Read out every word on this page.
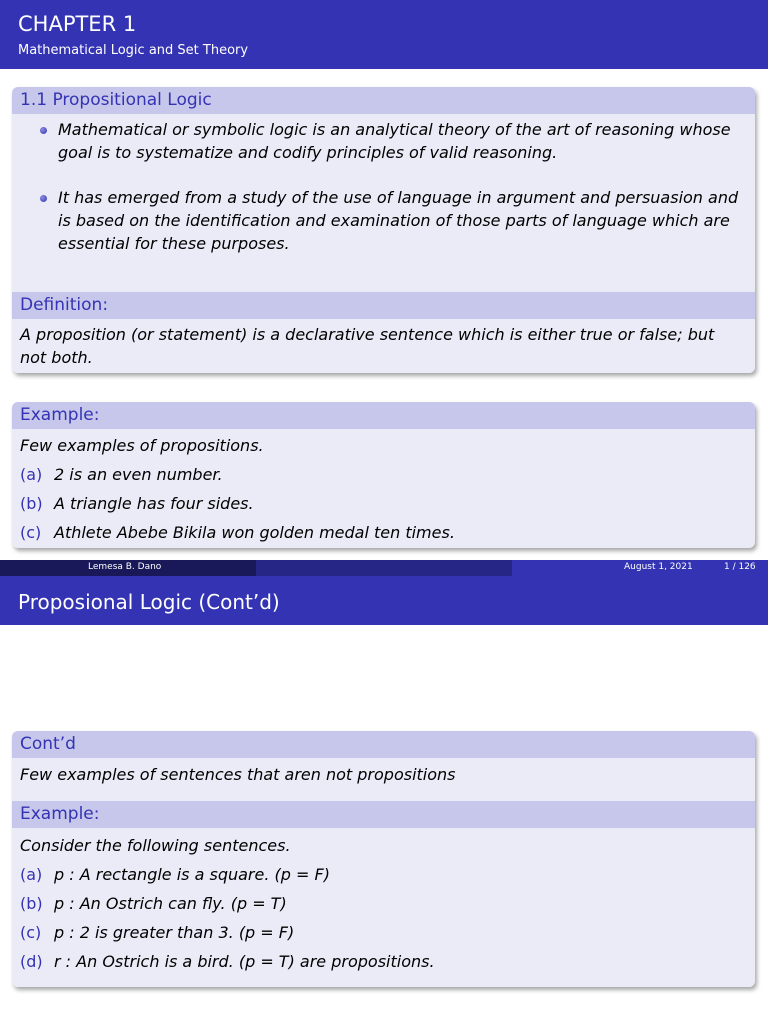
CHAPTER 1
Mathematical Logic and Set Theory
1.1 Propositional Logic
Mathematical or symbolic logic is an analytical theory of the art of reasoning whose goal is to systematize and codify principles of valid reasoning.
It has emerged from a study of the use of language in argument and persuasion and is based on the identification and examination of those parts of language which are essential for these purposes.
Definition:
A proposition (or statement) is a declarative sentence which is either true or false; but not both.
Example:
Few examples of propositions.
(a) 2 is an even number.
(b) A triangle has four sides.
(c) Athlete Abebe Bikila won golden medal ten times.
Lemesa B. Dano	August 1, 2021	1 / 126
Proposional Logic (Cont’d)
Cont’d
Few examples of sentences that aren not propositions
Example:
Consider the following sentences.
(a) p : A rectangle is a square. (p = F)
(b) p : An Ostrich can fly. (p = T)
(c) p : 2 is greater than 3. (p = F)
(d) r : An Ostrich is a bird. (p = T) are propositions.
